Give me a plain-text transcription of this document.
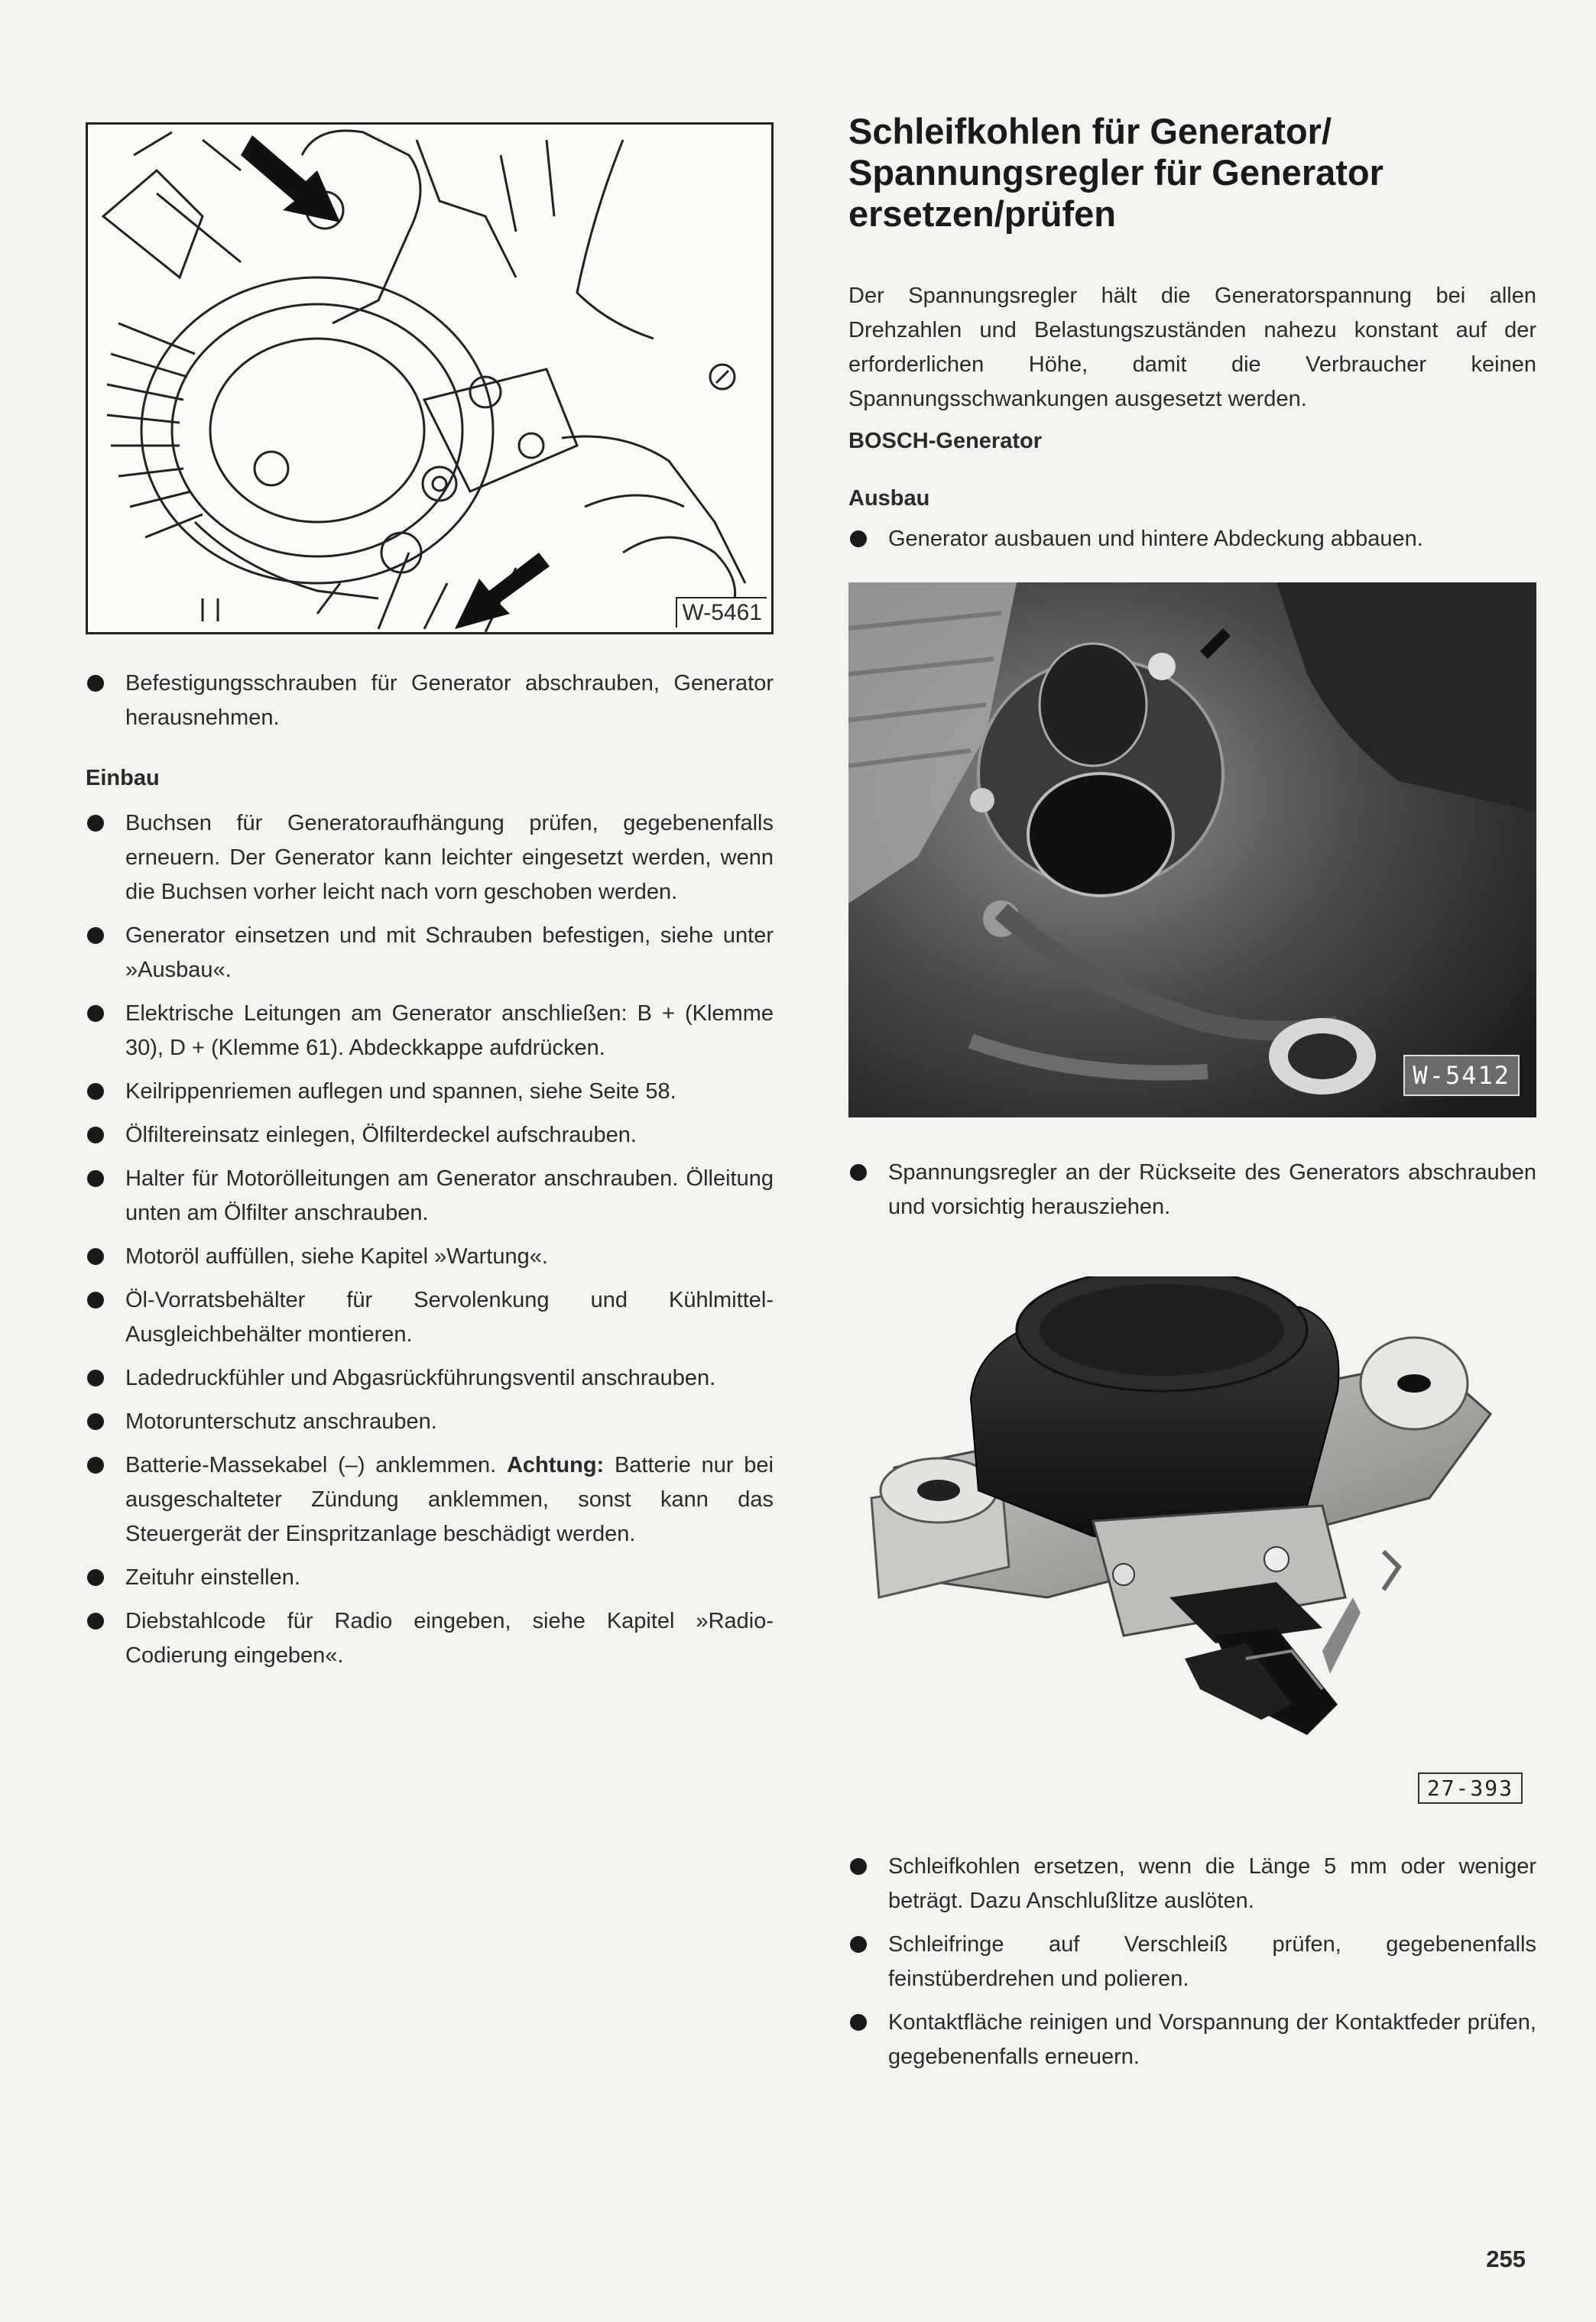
W-5461
Befestigungsschrauben für Generator abschrauben, Generator herausnehmen.
Einbau
Buchsen für Generatoraufhängung prüfen, gegebenenfalls erneuern. Der Generator kann leichter eingesetzt werden, wenn die Buchsen vorher leicht nach vorn geschoben werden.
Generator einsetzen und mit Schrauben befestigen, siehe unter »Ausbau«.
Elektrische Leitungen am Generator anschließen: B + (Klemme 30), D + (Klemme 61). Abdeckkappe aufdrücken.
Keilrippenriemen auflegen und spannen, siehe Seite 58.
Ölfiltereinsatz einlegen, Ölfilterdeckel aufschrauben.
Halter für Motorölleitungen am Generator anschrauben. Ölleitung unten am Ölfilter anschrauben.
Motoröl auffüllen, siehe Kapitel »Wartung«.
Öl-Vorratsbehälter für Servolenkung und Kühlmittel-Ausgleichbehälter montieren.
Ladedruckfühler und Abgasrückführungsventil anschrauben.
Motorunterschutz anschrauben.
Batterie-Massekabel (–) anklemmen. Achtung: Batterie nur bei ausgeschalteter Zündung anklemmen, sonst kann das Steuergerät der Einspritzanlage beschädigt werden.
Zeituhr einstellen.
Diebstahlcode für Radio eingeben, siehe Kapitel »Radio-Codierung eingeben«.
Schleifkohlen für Generator/
Spannungsregler für Generator
ersetzen/prüfen

Der Spannungsregler hält die Generatorspannung bei allen Drehzahlen und Belastungszuständen nahezu konstant auf der erforderlichen Höhe, damit die Verbraucher keinen Spannungsschwankungen ausgesetzt werden.

BOSCH-Generator
Ausbau
Generator ausbauen und hintere Abdeckung abbauen.
W-5412
Spannungsregler an der Rückseite des Generators abschrauben und vorsichtig herausziehen.
27-393
Schleifkohlen ersetzen, wenn die Länge 5 mm oder weniger beträgt. Dazu Anschlußlitze auslöten.
Schleifringe auf Verschleiß prüfen, gegebenenfalls feinstüberdrehen und polieren.
Kontaktfläche reinigen und Vorspannung der Kontaktfeder prüfen, gegebenenfalls erneuern.
255
